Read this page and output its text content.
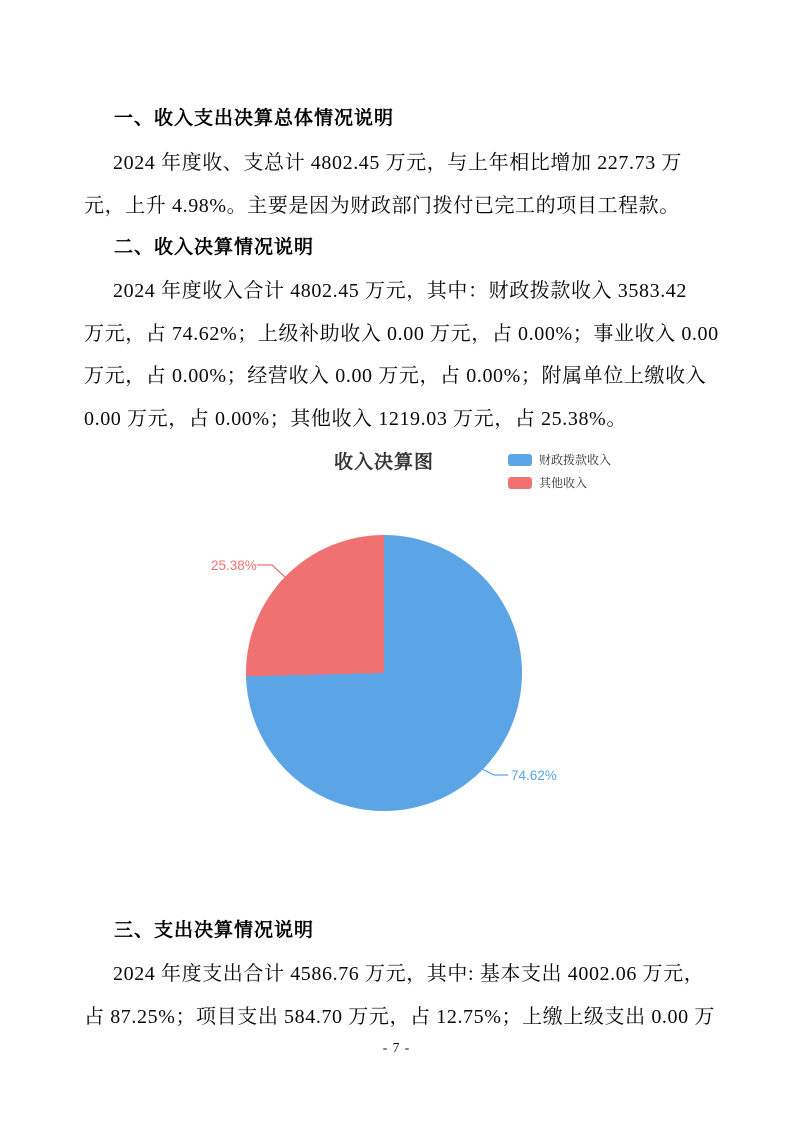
一、收入支出决算总体情况说明
2024 年度收、支总计 4802.45 万元，与上年相比增加 227.73 万
元，上升 4.98%。主要是因为财政部门拨付已完工的项目工程款。
二、收入决算情况说明
2024 年度收入合计 4802.45 万元，其中：财政拨款收入 3583.42
万元，占 74.62%；上级补助收入 0.00 万元，占 0.00%；事业收入 0.00
万元，占 0.00%；经营收入 0.00 万元，占 0.00%；附属单位上缴收入
0.00 万元，占 0.00%；其他收入 1219.03 万元，占 25.38%。
收入决算图	财政拨款收入
其他收入
25.38%
74.62%
三、支出决算情况说明
2024 年度支出合计 4586.76 万元，其中: 基本支出 4002.06 万元，
占 87.25%；项目支出 584.70 万元，占 12.75%；上缴上级支出 0.00 万
- 7 -
